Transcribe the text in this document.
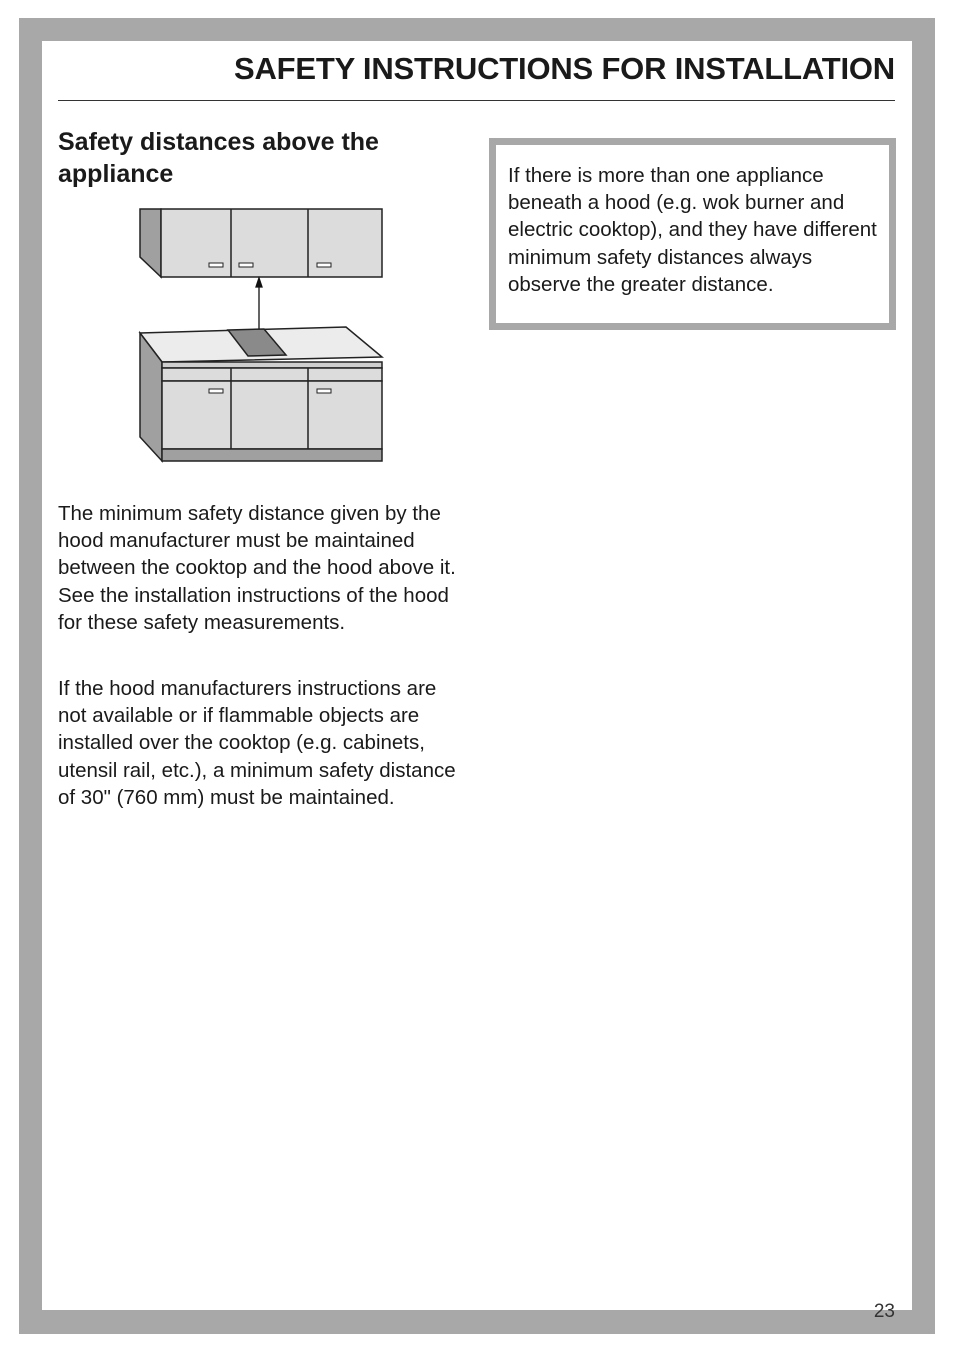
SAFETY INSTRUCTIONS FOR INSTALLATION
Safety distances above the appliance

The minimum safety distance given by the hood manufacturer must be maintained between the cooktop and the hood above it. See the installation instructions of the hood for these safety measurements.

If the hood manufacturers instructions are not available or if flammable objects are installed over the cooktop (e.g. cabinets, utensil rail, etc.), a minimum safety distance of 30" (760 mm) must be maintained.

If there is more than one appliance beneath a hood (e.g. wok burner and electric cooktop), and they have different minimum safety distances always observe the greater distance.

23
